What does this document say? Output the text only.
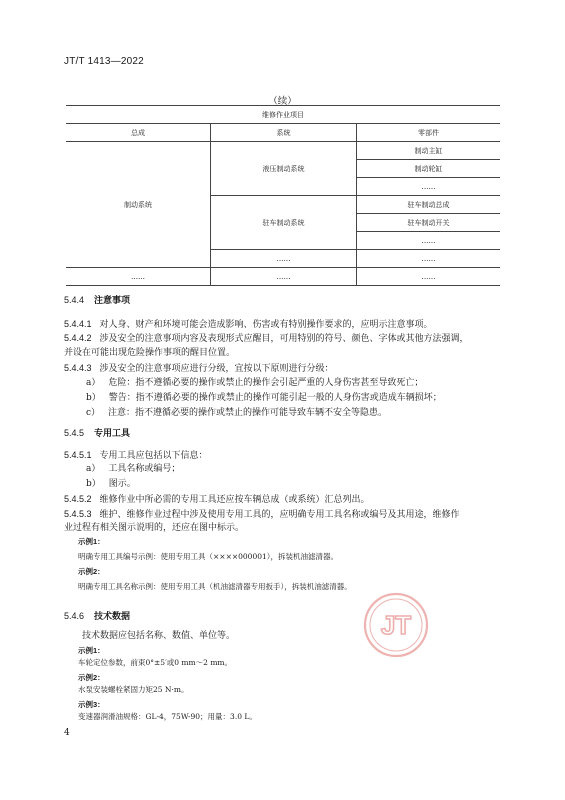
JT/T 1413—2022
（续）
维修作业项目		
总成	系统	零部件
制动系统	液压制动系统	制动主缸
		制动轮缸
		……
	驻车制动系统	驻车制动总成
		驻车制动开关
		……
	……	……
……	……	……
5.4.4 注意事项
5.4.4.1 对人身、财产和环境可能会造成影响、伤害或有特别操作要求的，应明示注意事项。
5.4.4.2 涉及安全的注意事项内容及表现形式应醒目，可用特别的符号、颜色、字体或其他方法强调，
并设在可能出现危险操作事项的醒目位置。
5.4.4.3 涉及安全的注意事项应进行分级，宜按以下原则进行分级：
a） 危险：指不遵循必要的操作或禁止的操作会引起严重的人身伤害甚至导致死亡；
b） 警告：指不遵循必要的操作或禁止的操作可能引起一般的人身伤害或造成车辆损坏；
c） 注意：指不遵循必要的操作或禁止的操作可能导致车辆不安全等隐患。
5.4.5 专用工具
5.4.5.1 专用工具应包括以下信息：
a） 工具名称或编号；
b） 图示。
5.4.5.2 维修作业中所必需的专用工具还应按车辆总成（或系统）汇总列出。
5.4.5.3 维护、维修作业过程中涉及使用专用工具的，应明确专用工具名称或编号及其用途，维修作
业过程有相关图示说明的，还应在图中标示。
示例1：
明确专用工具编号示例：使用专用工具（××××000001），拆装机油滤清器。
示例2：
明确专用工具名称示例：使用专用工具（机油滤清器专用扳手），拆装机油滤清器。
5.4.6 技术数据
技术数据应包括名称、数值、单位等。
示例1：
车轮定位参数，前束0°±5′或0 mm～2 mm。
示例2：
水泵安装螺栓紧固力矩25 N·m。
示例3：
变速器润滑油规格：GL-4，75W-90；用量：3.0 L。
JT
4
